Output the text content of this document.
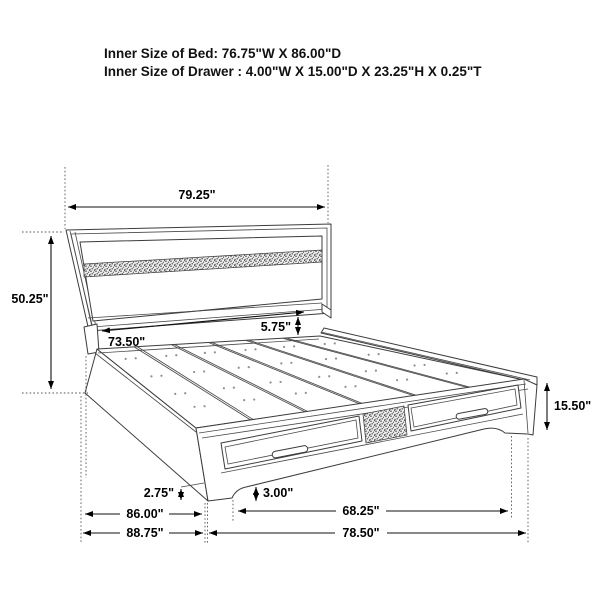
Inner Size of Bed: 76.75"W X 86.00"D
Inner Size of Drawer : 4.00"W X 15.00"D X 23.25"H X 0.25"T
79.25"
50.25"
73.50"
5.75"
15.50"
2.75"	3.00"
86.00"	68.25"
88.75"	78.50"
